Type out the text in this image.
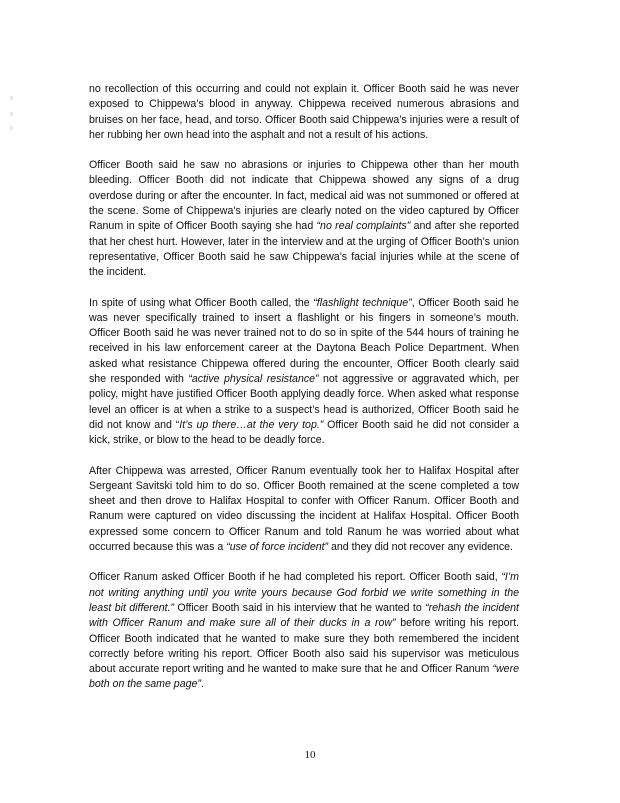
no recollection of this occurring and could not explain it. Officer Booth said he was never exposed to Chippewa’s blood in anyway. Chippewa received numerous abrasions and bruises on her face, head, and torso. Officer Booth said Chippewa’s injuries were a result of her rubbing her own head into the asphalt and not a result of his actions.

Officer Booth said he saw no abrasions or injuries to Chippewa other than her mouth bleeding. Officer Booth did not indicate that Chippewa showed any signs of a drug overdose during or after the encounter. In fact, medical aid was not summoned or offered at the scene. Some of Chippewa’s injuries are clearly noted on the video captured by Officer Ranum in spite of Officer Booth saying she had “no real complaints” and after she reported that her chest hurt. However, later in the interview and at the urging of Officer Booth’s union representative, Officer Booth said he saw Chippewa’s facial injuries while at the scene of the incident.

In spite of using what Officer Booth called, the “flashlight technique”, Officer Booth said he was never specifically trained to insert a flashlight or his fingers in someone’s mouth. Officer Booth said he was never trained not to do so in spite of the 544 hours of training he received in his law enforcement career at the Daytona Beach Police Department. When asked what resistance Chippewa offered during the encounter, Officer Booth clearly said she responded with “active physical resistance” not aggressive or aggravated which, per policy, might have justified Officer Booth applying deadly force. When asked what response level an officer is at when a strike to a suspect’s head is authorized, Officer Booth said he did not know and “It’s up there…at the very top.” Officer Booth said he did not consider a kick, strike, or blow to the head to be deadly force.

After Chippewa was arrested, Officer Ranum eventually took her to Halifax Hospital after Sergeant Savitski told him to do so. Officer Booth remained at the scene completed a tow sheet and then drove to Halifax Hospital to confer with Officer Ranum. Officer Booth and Ranum were captured on video discussing the incident at Halifax Hospital. Officer Booth expressed some concern to Officer Ranum and told Ranum he was worried about what occurred because this was a “use of force incident” and they did not recover any evidence.

Officer Ranum asked Officer Booth if he had completed his report. Officer Booth said, “I’m not writing anything until you write yours because God forbid we write something in the least bit different.” Officer Booth said in his interview that he wanted to “rehash the incident with Officer Ranum and make sure all of their ducks in a row” before writing his report. Officer Booth indicated that he wanted to make sure they both remembered the incident correctly before writing his report. Officer Booth also said his supervisor was meticulous about accurate report writing and he wanted to make sure that he and Officer Ranum “were both on the same page”.

10
